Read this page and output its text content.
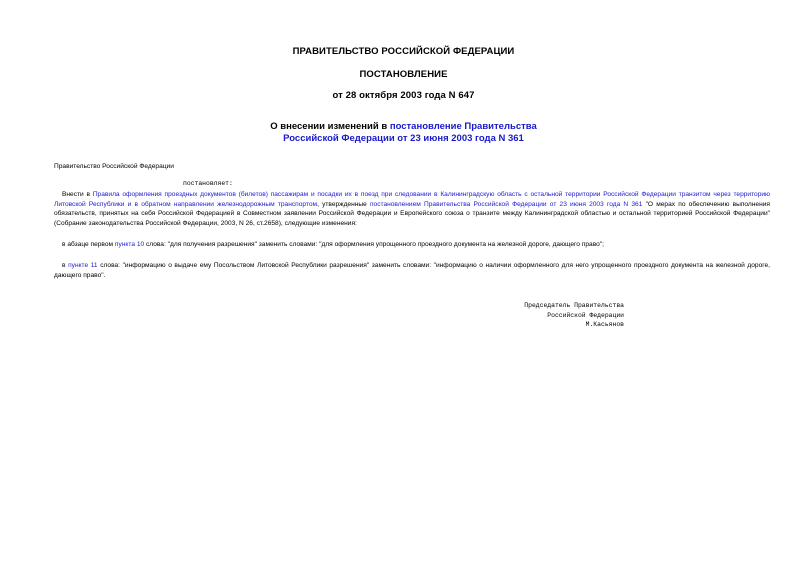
ПРАВИТЕЛЬСТВО РОССИЙСКОЙ ФЕДЕРАЦИИ
ПОСТАНОВЛЕНИЕ
от 28 октября 2003 года N 647
О внесении изменений в постановление Правительства
Российской Федерации от 23 июня 2003 года N 361
Правительство Российской Федерации
постановляет:
Внести в Правила оформления проездных документов (билетов) пассажирам и посадки их в поезд при следовании в Калининградскую область с остальной территории Российской Федерации транзитом через территорию Литовской Республики и в обратном направлении железнодорожным транспортом, утвержденные постановлением Правительства Российской Федерации от 23 июня 2003 года N 361 "О мерах по обеспечению выполнения обязательств, принятых на себя Российской Федерацией в Совместном заявлении Российской Федерации и Европейского союза о транзите между Калининградской областью и остальной территорией Российской Федерации" (Собрание законодательства Российской Федерации, 2003, N 26, ст.2658), следующие изменения:
в абзаце первом пункта 10 слова: "для получения разрешения" заменить словами: "для оформления упрощенного проездного документа на железной дороге, дающего право";
в пункте 11 слова: "информацию о выдаче ему Посольством Литовской Республики разрешения" заменить словами: "информацию о наличии оформленного для него упрощенного проездного документа на железной дороге, дающего право".
Председатель Правительства
Российской Федерации
М.Касьянов
